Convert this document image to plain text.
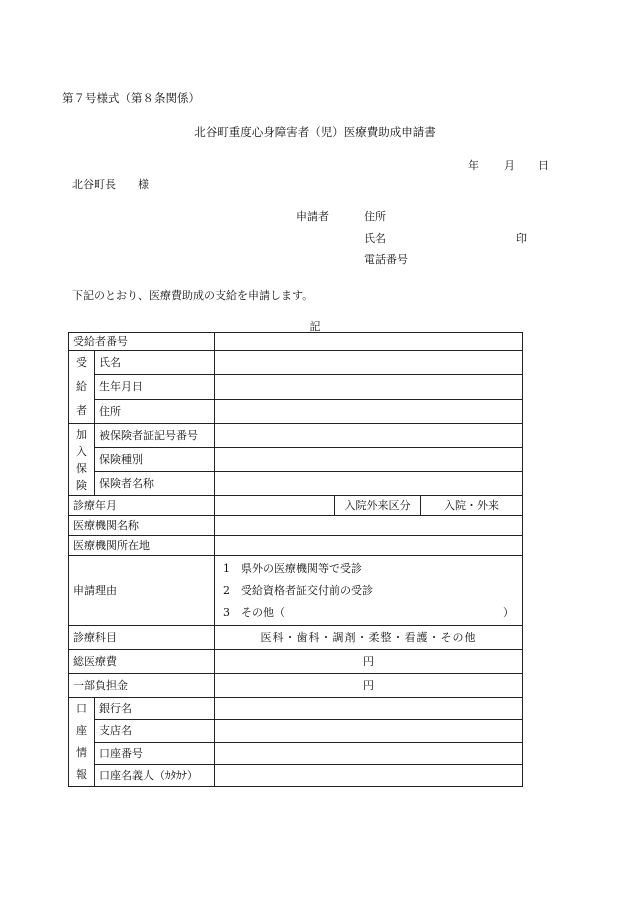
第７号様式（第８条関係）
北谷町重度心身障害者（児）医療費助成申請書
年 月 日
北谷町長　　様
申請者	住所
氏名	印
電話番号
下記のとおり、医療費助成の支給を申請します。
記
受給者番号				

受
給
者	氏名			
	生年月日			
	住所			

加
入
保
険	被保険者証記号番号			
	保険種別			
	保険者名称			
診療年月			入院外来区分	入院・外来
医療機関名称				
医療機関所在地				
申請理由		1　県外の医療機関等で受診
2　受給資格者証交付前の受診
3　その他（ ）		

診療科目		医科・歯科・調剤・柔整・看護・その他		
総医療費		円		
一部負担金		円		

口
座
情
報	銀行名			
	支店名			
	口座番号			
	口座名義人（ｶﾀｶﾅ）			
